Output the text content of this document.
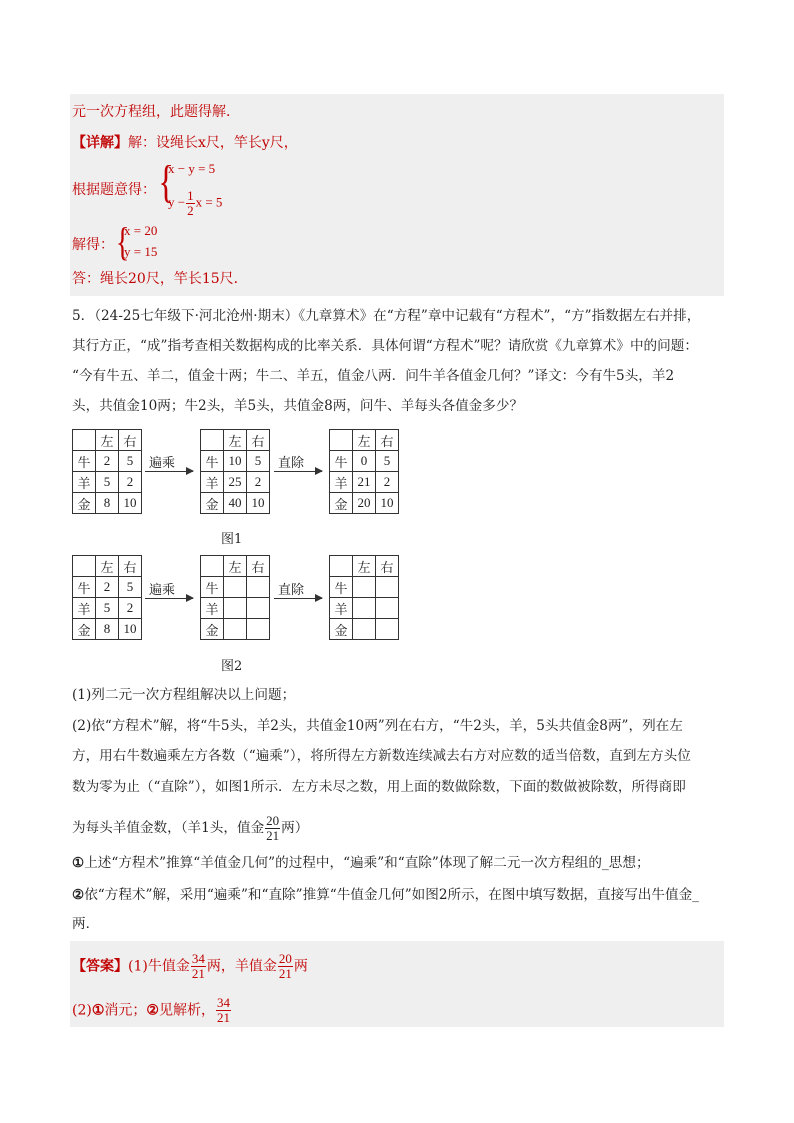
元一次方程组，此题得解．
【详解】解：设绳长x尺，竿长y尺，
根据题意得： {
x − y = 5
$y - \frac{1}{2}$ x = 5
解得： {
x = 20
y = 15
答：绳长20尺，竿长15尺．
5．（24-25七年级下·河北沧州·期末）《九章算术》在“方程”章中记载有“方程术”，“方”指数据左右并排，
其行方正，“成”指考查相关数据构成的比率关系．具体何谓“方程术”呢？请欣赏《九章算术》中的问题：
“今有牛五、羊二，值金十两；牛二、羊五，值金八两．问牛羊各值金几何？”译文：今有牛5头，羊2
头，共值金10两；牛2头，羊5头，共值金8两，问牛、羊每头各值金多少？
	左	右
牛	2	5
羊	5	2
金	8	10
遍乘
	左	右
牛	10	5
羊	25	2
金	40	10
直除
	左	右
牛	0	5
羊	21	2
金	20	10
图1
	左	右
牛	2	5
羊	5	2
金	8	10
遍乘
	左	右
牛		
羊		
金		
直除
	左	右
牛		
羊		
金		
图2
(1)列二元一次方程组解决以上问题；
(2)依“方程术”解，将“牛5头，羊2头，共值金10两”列在右方，“牛2头，羊，5头共值金8两”，列在左
方，用右牛数遍乘左方各数（“遍乘”），将所得左方新数连续减去右方对应数的适当倍数，直到左方头位
数为零为止（“直除”），如图1所示．左方未尽之数，用上面的数做除数，下面的数做被除数，所得商即
为每头羊值金数，（羊1头，值金 $\frac{20}{21}$ 两）
①上述“方程术”推算“羊值金几何”的过程中，“遍乘”和“直除”体现了解二元一次方程组的_思想；
②依“方程术”解，采用“遍乘”和“直除”推算“牛值金几何”如图2所示，在图中填写数据，直接写出牛值金_
两．
【答案】(1)牛值金 $\frac{34}{21}$ 两，羊值金 $\frac{20}{21}$ 两
(2)①消元；②见解析， $\frac{34}{21}$
